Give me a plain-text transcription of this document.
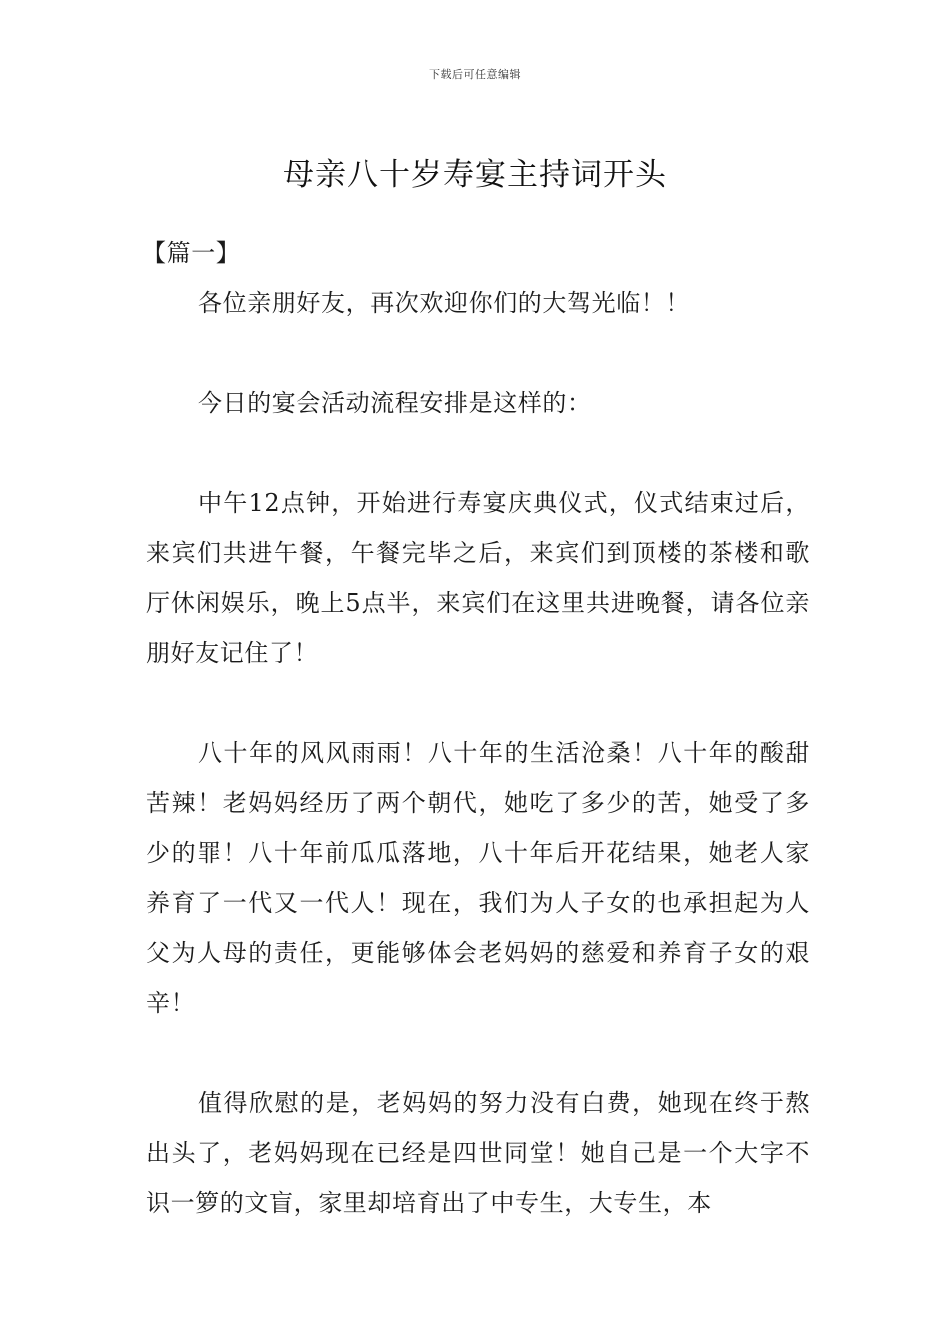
下载后可任意编辑
母亲八十岁寿宴主持词开头

【篇一】

各位亲朋好友，再次欢迎你们的大驾光临！！

今日的宴会活动流程安排是这样的：

中午12点钟，开始进行寿宴庆典仪式，仪式结束过后，来宾们共进午餐，午餐完毕之后，来宾们到顶楼的茶楼和歌厅休闲娱乐，晚上5点半，来宾们在这里共进晚餐，请各位亲朋好友记住了！

八十年的风风雨雨！八十年的生活沧桑！八十年的酸甜苦辣！老妈妈经历了两个朝代，她吃了多少的苦，她受了多少的罪！八十年前瓜瓜落地，八十年后开花结果，她老人家养育了一代又一代人！现在，我们为人子女的也承担起为人父为人母的责任，更能够体会老妈妈的慈爱和养育子女的艰辛！

值得欣慰的是，老妈妈的努力没有白费，她现在终于熬出头了，老妈妈现在已经是四世同堂！她自己是一个大字不识一箩的文盲，家里却培育出了中专生，大专生，本
